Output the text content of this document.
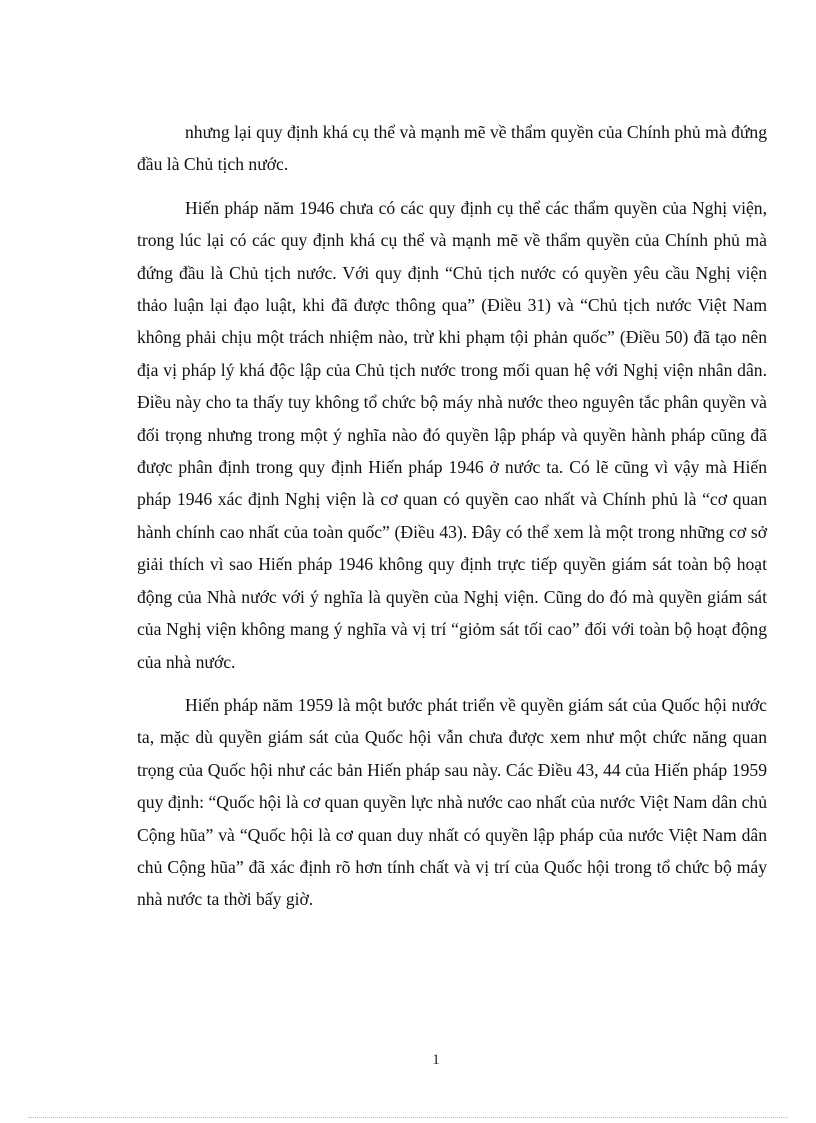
nhưng lại quy định khá cụ thể và mạnh mẽ về thẩm quyền của Chính phủ mà đứng đầu là Chủ tịch nước.

Hiến pháp năm 1946 chưa có các quy định cụ thể các thẩm quyền của Nghị viện, trong lúc lại có các quy định khá cụ thể và mạnh mẽ về thẩm quyền của Chính phủ mà đứng đầu là Chủ tịch nước. Với quy định “Chủ tịch nước có quyền yêu cầu Nghị viện thảo luận lại đạo luật, khi đã được thông qua” (Điều 31) và “Chủ tịch nước Việt Nam không phải chịu một trách nhiệm nào, trừ khi phạm tội phản quốc” (Điều 50) đã tạo nên địa vị pháp lý khá độc lập của Chủ tịch nước trong mối quan hệ với Nghị viện nhân dân. Điều này cho ta thấy tuy không tổ chức bộ máy nhà nước theo nguyên tắc phân quyền và đối trọng nhưng trong một ý nghĩa nào đó quyền lập pháp và quyền hành pháp cũng đã được phân định trong quy định Hiến pháp 1946 ở nước ta. Có lẽ cũng vì vậy mà Hiến pháp 1946 xác định Nghị viện là cơ quan có quyền cao nhất và Chính phủ là “cơ quan hành chính cao nhất của toàn quốc” (Điều 43). Đây có thể xem là một trong những cơ sở giải thích vì sao Hiến pháp 1946 không quy định trực tiếp quyền giám sát toàn bộ hoạt động của Nhà nước với ý nghĩa là quyền của Nghị viện. Cũng do đó mà quyền giám sát của Nghị viện không mang ý nghĩa và vị trí “giỏm sát tối cao” đối với toàn bộ hoạt động của nhà nước.

Hiến pháp năm 1959 là một bước phát triển về quyền giám sát của Quốc hội nước ta, mặc dù quyền giám sát của Quốc hội vẫn chưa được xem như một chức năng quan trọng của Quốc hội như các bản Hiến pháp sau này. Các Điều 43, 44 của Hiến pháp 1959 quy định: “Quốc hội là cơ quan quyền lực nhà nước cao nhất của nước Việt Nam dân chủ Cộng hũa” và “Quốc hội là cơ quan duy nhất có quyền lập pháp của nước Việt Nam dân chủ Cộng hũa” đã xác định rõ hơn tính chất và vị trí của Quốc hội trong tổ chức bộ máy nhà nước ta thời bấy giờ.

1
